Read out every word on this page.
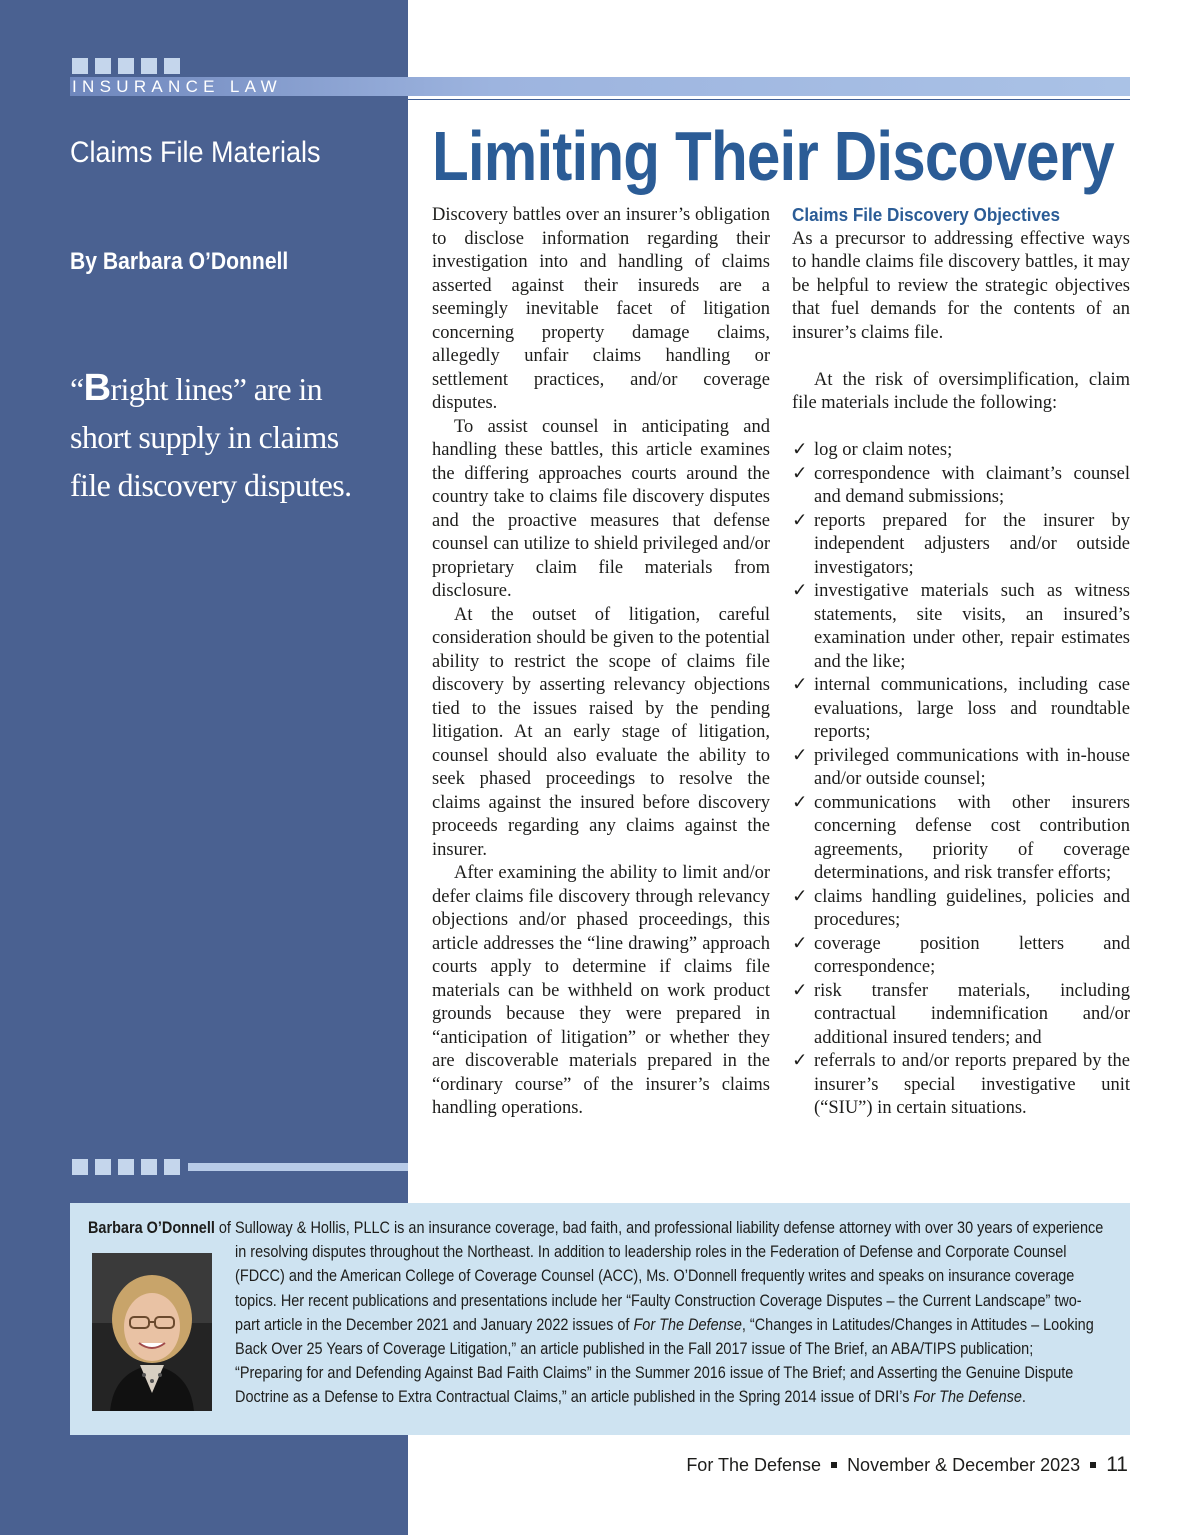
INSURANCE LAW
Claims File Materials
By Barbara O’Donnell
“Bright lines” are in
short supply in claims
file discovery disputes.
Limiting Their Discovery

Discovery battles over an insurer’s obligation to disclose information regarding their investigation into and handling of claims asserted against their insureds are a seemingly inevitable facet of litigation concerning property damage claims, allegedly unfair claims handling or settlement practices, and/or coverage disputes.

To assist counsel in anticipating and handling these battles, this article examines the differing approaches courts around the country take to claims file discovery disputes and the proactive measures that defense counsel can utilize to shield privileged and/or proprietary claim file materials from disclosure.

At the outset of litigation, careful consideration should be given to the potential ability to restrict the scope of claims file discovery by asserting relevancy objections tied to the issues raised by the pending litigation. At an early stage of litigation, counsel should also evaluate the ability to seek phased proceedings to resolve the claims against the insured before discovery proceeds regarding any claims against the insurer.

After examining the ability to limit and/or defer claims file discovery through relevancy objections and/or phased proceedings, this article addresses the “line drawing” approach courts apply to determine if claims file materials can be withheld on work product grounds because they were prepared in “anticipation of litigation” or whether they are discoverable materials prepared in the “ordinary course” of the insurer’s claims handling operations.

Claims File Discovery Objectives

As a precursor to addressing effective ways to handle claims file discovery battles, it may be helpful to review the strategic objectives that fuel demands for the contents of an insurer’s claims file.

At the risk of oversimplification, claim file materials include the following:

✓ log or claim notes;
✓ correspondence with claimant’s counsel and demand submissions;
✓ reports prepared for the insurer by independent adjusters and/or outside investigators;
✓ investigative materials such as witness statements, site visits, an insured’s examination under other, repair estimates and the like;
✓ internal communications, including case evaluations, large loss and roundtable reports;
✓ privileged communications with in-house and/or outside counsel;
✓ communications with other insurers concerning defense cost contribution agreements, priority of coverage determinations, and risk transfer efforts;
✓ claims handling guidelines, policies and procedures;
✓ coverage position letters and correspondence;
✓ risk transfer materials, including contractual indemnification and/or additional insured tenders; and
✓ referrals to and/or reports prepared by the insurer’s special investigative unit (“SIU”) in certain situations.

Barbara O’Donnell of Sulloway & Hollis, PLLC is an insurance coverage, bad faith, and professional liability defense attorney with over 30 years of experience

in resolving disputes throughout the Northeast. In addition to leadership roles in the Federation of Defense and Corporate Counsel (FDCC) and the American College of Coverage Counsel (ACC), Ms. O’Donnell frequently writes and speaks on insurance coverage topics. Her recent publications and presentations include her “Faulty Construction Coverage Disputes – the Current Landscape” two-part article in the December 2021 and January 2022 issues of For The Defense, “Changes in Latitudes/Changes in Attitudes – Looking Back Over 25 Years of Coverage Litigation,” an article published in the Fall 2017 issue of The Brief, an ABA/TIPS publication; “Preparing for and Defending Against Bad Faith Claims” in the Summer 2016 issue of The Brief; and Asserting the Genuine Dispute Doctrine as a Defense to Extra Contractual Claims,” an article published in the Spring 2014 issue of DRI’s For The Defense.

For The Defense November & December 2023 11
